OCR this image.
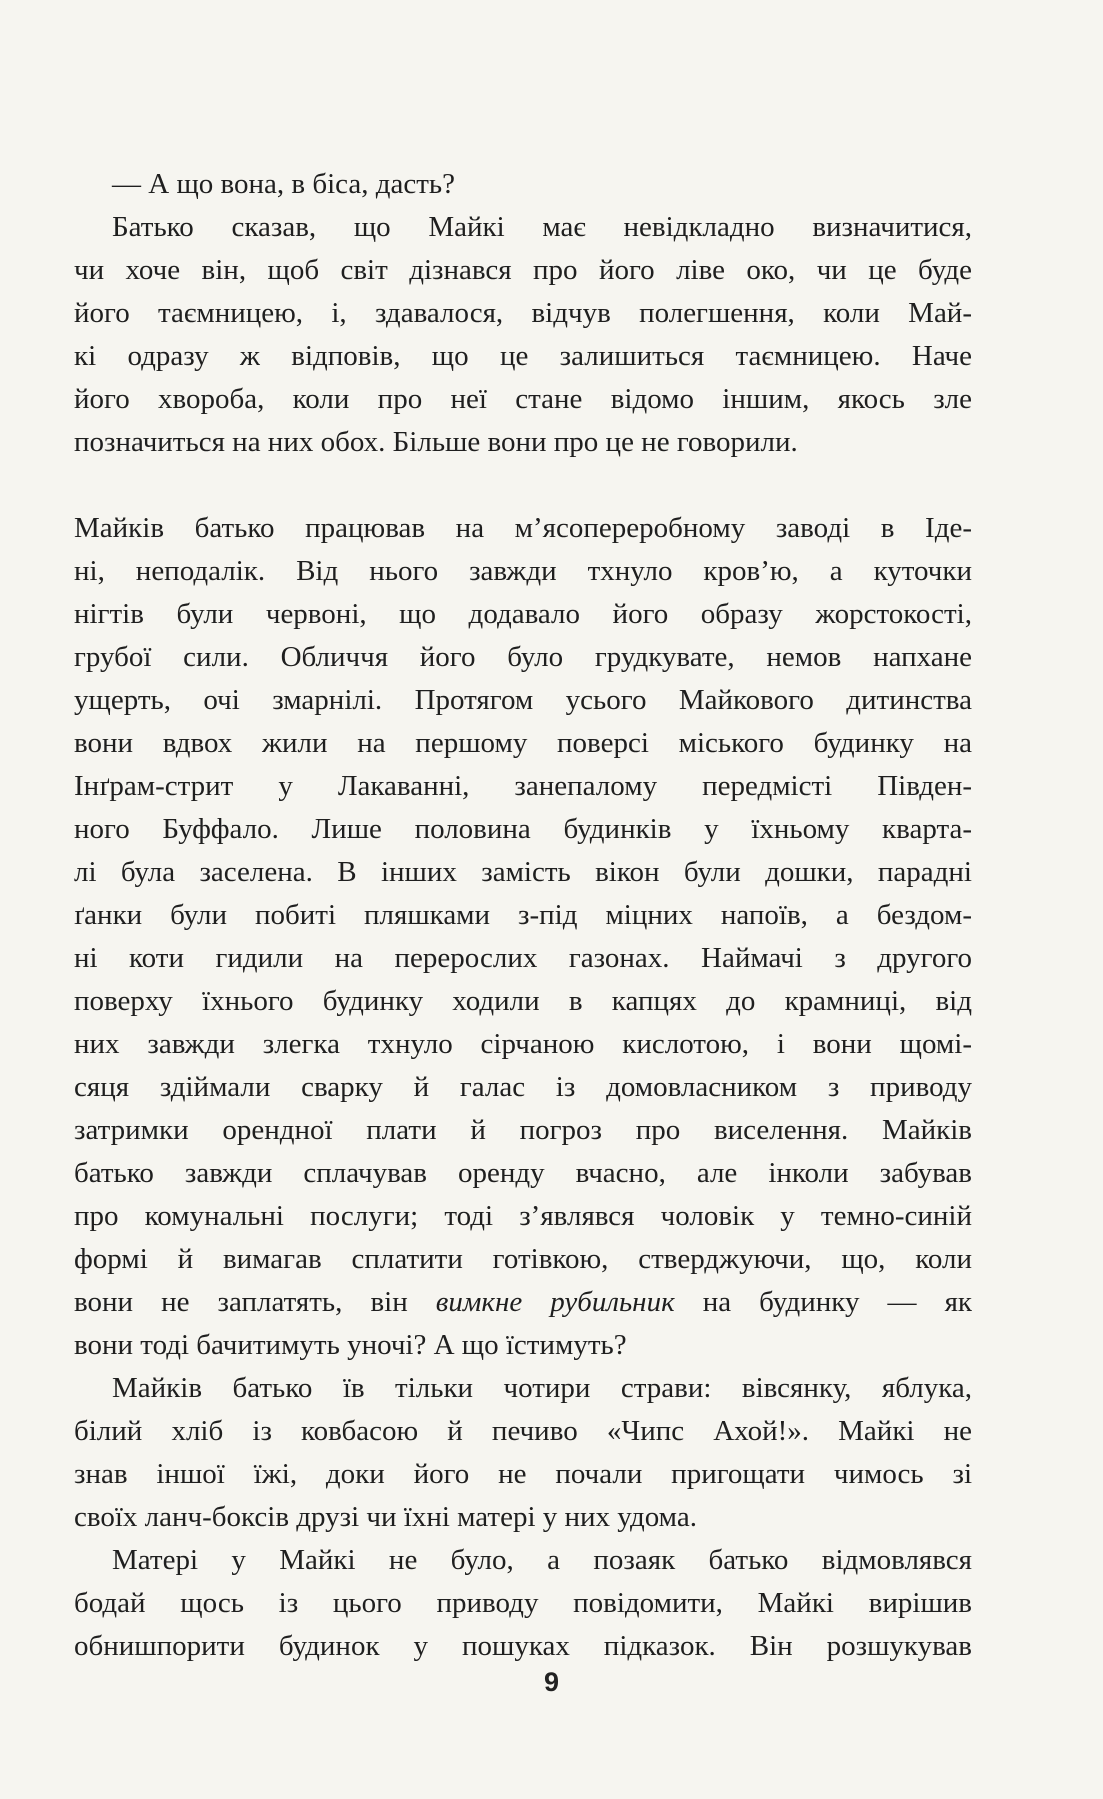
— А що вона, в біса, дасть?

Батько сказав, що Майкі має невідкладно визначитися,
чи хоче він, щоб світ дізнався про його ліве око, чи це буде
його таємницею, і, здавалося, відчув полегшення, коли Май-
кі одразу ж відповів, що це залишиться таємницею. Наче
його хвороба, коли про неї стане відомо іншим, якось зле
позначиться на них обох. Більше вони про це не говорили.

Майків батько працював на м’ясопереробному заводі в Іде-
ні, неподалік. Від нього завжди тхнуло кров’ю, а куточки
нігтів були червоні, що додавало його образу жорстокості,
грубої сили. Обличчя його було грудкувате, немов напхане
ущерть, очі змарнілі. Протягом усього Майкового дитинства
вони вдвох жили на першому поверсі міського будинку на
Інґрам-стрит у Лакаванні, занепалому передмісті Півден-
ного Буффало. Лише половина будинків у їхньому кварта-
лі була заселена. В інших замість вікон були дошки, парадні
ґанки були побиті пляшками з-під міцних напоїв, а бездом-
ні коти гидили на перерослих газонах. Наймачі з другого
поверху їхнього будинку ходили в капцях до крамниці, від
них завжди злегка тхнуло сірчаною кислотою, і вони щомі-
сяця здіймали сварку й галас із домовласником з приводу
затримки орендної плати й погроз про виселення. Майків
батько завжди сплачував оренду вчасно, але інколи забував
про комунальні послуги; тоді з’являвся чоловік у темно-синій
формі й вимагав сплатити готівкою, стверджуючи, що, коли
вони не заплатять, він вимкне рубильник на будинку — як
вони тоді бачитимуть уночі? А що їстимуть?

Майків батько їв тільки чотири страви: вівсянку, яблука,
білий хліб із ковбасою й печиво «Чипс Ахой!». Майкі не
знав іншої їжі, доки його не почали пригощати чимось зі
своїх ланч-боксів друзі чи їхні матері у них удома.

Матері у Майкі не було, а позаяк батько відмовлявся
бодай щось із цього приводу повідомити, Майкі вирішив
обнишпорити будинок у пошуках підказок. Він розшукував

9
